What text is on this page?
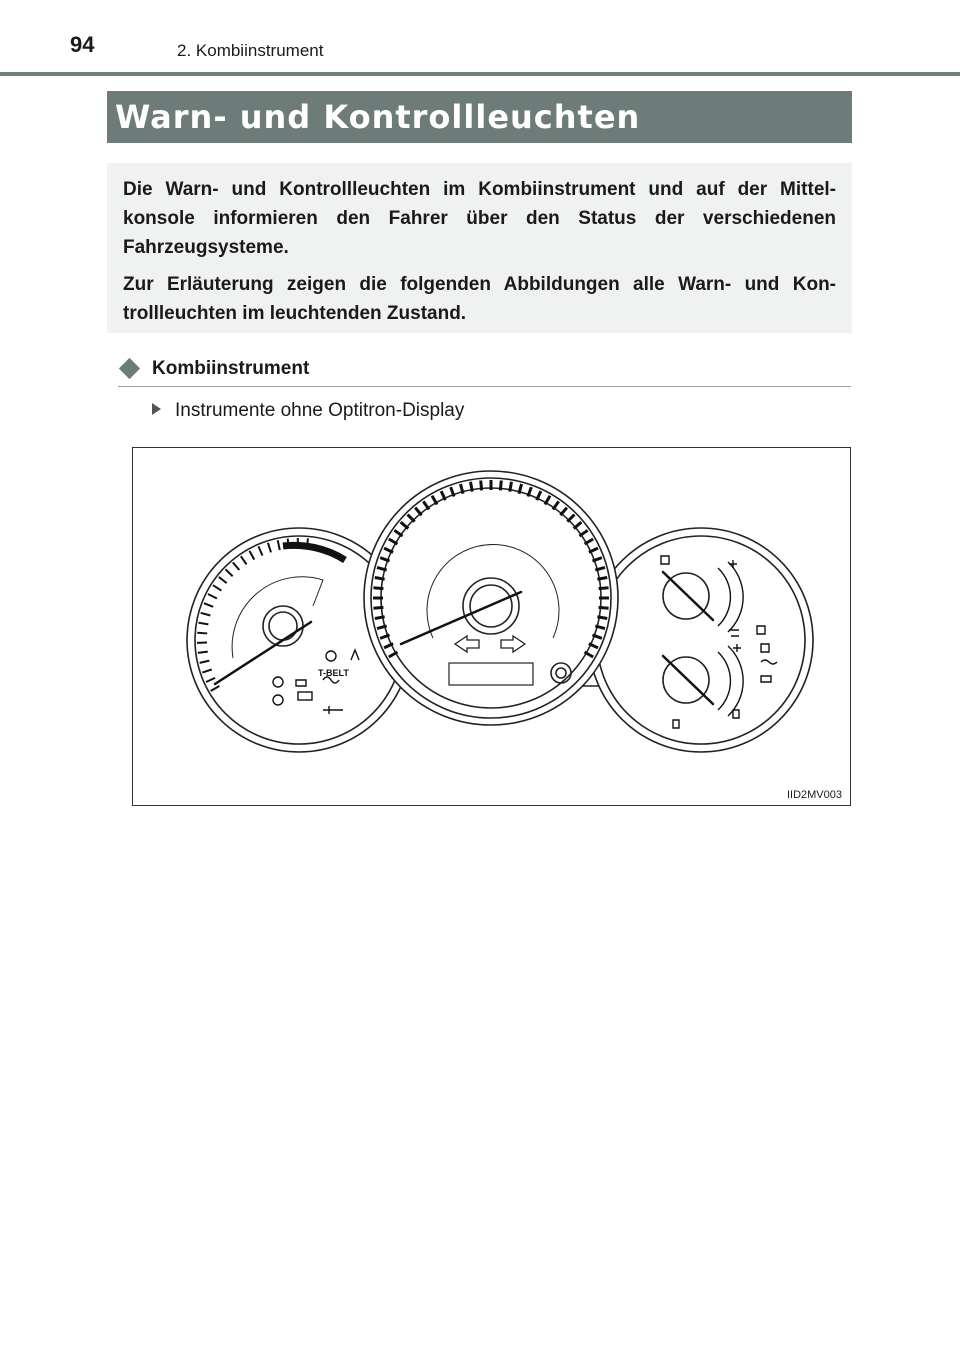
94	2. Kombiinstrument
Warn- und Kontrollleuchten

Die Warn- und Kontrollleuchten im Kombiinstrument und auf der Mittel-konsole informieren den Fahrer über den Status der verschiedenen Fahrzeugsysteme.

Zur Erläuterung zeigen die folgenden Abbildungen alle Warn- und Kon-trollleuchten im leuchtenden Zustand.

Kombiinstrument
Instrumente ohne Optitron-Display
T-BELT
IID2MV003
